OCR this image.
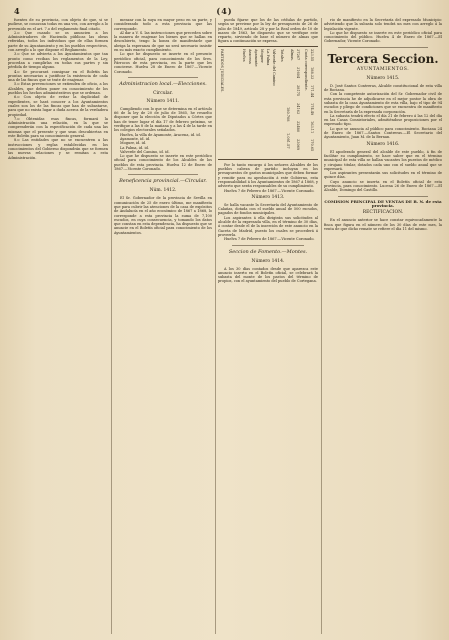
4	(4)

fuentes de su provincia, con objeto de que, si se pudiese, se conozcan todas en una vez, con arreglo a lo prevenido en el art. 7.o del reglamento final citado.

2.o Que cuando se os anuncien a los Administradores de Hacienda públicas las obras referidas, todos los individuos que de ellas formen parte de su Ayuntamiento y en los pueblos respectivos, con arreglo a lo que dispone el Reglamento.

3.o Que se advierta a los Ayuntamientos que tan pronto como reciban los reglamentos de la Ley, procedan a cumplirlas en todas sus partes y sin pérdida de tiempo alguno.

4.o Se procurará consignar en el Boletín las prontas necesarias a justificar la existencia de cada una de las fincas que se trate de enajenar.

5.o Estas prevenciones se extienden de oficio, a los Alcaldes, que deben poner en conocimiento de los pueblos los hechos administrativos que se ordenan.

6.o Con objeto de evitar la duplicidad de expedientes, se hará conocer a los Ayuntamientos cuales son los de las fincas que han de subastarse, para que no exista lugar a duda acerca de la verdadera propiedad.

7.o Obtenidas esas fincas, formará la Administración una relación, en la que se comprenderán con la especificación de cada una las mismas que el presente y que sean descubiertas en este Boletín para su conocimiento general.

8.o Las entidades que no se encuentren a las instrucciones y reglas establecidas en los conocimientos del Gobierno dispondrán que se formen las nuevas relaciones y se remitan a esta Administración.

menzar con la suya en mayor peso en su parte, y considerando todo a esta provincia que las corresponde.

Al dar a V. S. las instrucciones que preceden sobre la manera de enajenar los bienes que se hallan en descubierto, tengo la honra de manifestarle que abriga la esperanza de que no será necesario insistir en su más exacto cumplimiento.

Lo que he dispuesto se inserte en el presente periódico oficial, para conocimiento de los Sres. Párrocos de esta provincia, en la parte que les concierne. Huelva 28 de Enero de 1867.—Vicente Coronado.

Administracion local.—Elecciones.
Circular.
Número 1411.

Cumpliendo con lo que se determina en el artículo 66 de la ley de 20 de julio de 1865, he resuelto disponer que la elección de Diputados a Córtes que han de tener lugar el día 17 de febrero próximo, se verifique a las 8 de la mañana y a las 4 de la tarde en los colegios electorales señalados.

Huelva, la villa de Ayamonte, Aracena, id. id.

Ayamonte, id. id.

Moguer, id. id.

La Palma, id. id.

Valverde del Camino, id. id.

Lo que he dispuesto se inserte en este periódico oficial para conocimiento de los Alcaldes de los pueblos de esta provincia. Huelva 12 de Enero de 1867.—Vicente Coronado.

Beneficencia provincial.—Circular.
Núm. 1412.

El Sr. Gobernador de la provincia de Sevilla en comunicación de 25 de enero último, me manifiesta que para cubrir las atenciones de la casa de expósitos de Andalucía en el año económico de 1867 a 1868, lo corresponde a esta provincia la suma de 7,100 escudos, en cuya consecuencia, y tomando los datos que constan en esta dependencia, ha dispuesto que se anuncie en el Boletín oficial para conocimiento de los Ayuntamientos.

pueda fijarse que los de las cédulas de partido, según se previene por la ley de presupuesto de 26 de julio de 1849, artículo 28 y por la Real orden de 10 de marzo de 1863, he dispuesto que se verifique este reparto, sirviendo de base el número de almas que figura a continuación se expresa.

PARTIDOS JUDICIALES.	Huelva Aracena Ayamonte Moguer La Palma Valverde del Camino Totales Almas. 37267
31604
38175
34163
32480
33069
Cuota correspondiente. 223.55
188.33
171.44
174.49
163.11
170.65
180.708
1.091.57

Por lo tanto encargo á los señores Alcaldes de los pueblos cabeza de partido incluyan en los presupuestos de gastos municipales que deben formar y remitir para su aprobación á este Gobierno, esta responsabilidad á los Ayuntamientos de 1867 á 1868, y advierto que serán responsables de su cumplimiento.

Huelva 7 de Febrero de 1867.—Vicente Coronado.

Número 1413.

Se halla vacante la Secretaría del Ayuntamiento de Calañas, dotada con el sueldo anual de 500 escudos, pagados de fondos municipales.

Los aspirantes á ella dirigirán sus solicitudes al alcalde de la expresada villa, en el término de 30 días, á contar desde el de la inserción de este anuncio en la Gaceta de Madrid, puesto los cuales se procederá á proveerla.

Huelva 7 de Febrero de 1867.—Vicente Coronado.

Seccion de Fomento.—Montes.
Número 1414.

A los 30 días contados desde que aparezca este anuncio inserto en el Boletín oficial, se celebrará la subasta del monte de los pastos del término de propios, con el ayuntamiento del pueblo de Cortegana.

rio de manifiesto en la Secretaría del expresado Municipio: advirtiendo que la subasta solo tendrá un mes con arreglo á la legislación vigente.

Lo que he dispuesto se inserte en este periódico oficial para conocimiento del público. Huelva 4 de Enero de 1867.—El Gobernador, Vicente Coronado.

Tercera Seccion.
AYUNTAMIENTOS.
Número 1415.

D. José Santos Contreras, Alcalde constitucional de esta villa de Rociana.

Con la competente autorización del Sr. Gobernador civil de esta provincia he de adjudicarse en el mejor postor la obra de subasta de la casa Ayuntamiento de esta villa, bajo el tipo de 94 escudos y pliego de condiciones que se encuentra de manifiesto en la Secretaría de la expresada corporación.

La subasta tendrá efecto el día 21 de febrero á las 12 del día en las Casas Consistoriales, admitiéndose proposiciones por el expresado tipo.

Lo que se anuncia al público para conocimiento. Rociana 24 de Enero de 1867.—Santos Contreras.—El Secretario del Ayuntamiento, Juan M. de la Bernan.

Número 1416.

El apoderado general del alcalde de este pueblo, á fin de facilitar su cumplimiento, se hace saber que en el término municipal de esta villa se hallan vacantes los puestos de médico y cirujano titular, dotados cada uno con el sueldo anual que se expresará.

Los aspirantes presentarán sus solicitudes en el término de quince días.

Cuyo anuncio se inserta en el Boletín oficial de esta provincia, para conocimiento. Lucena 26 de Enero de 1867.—El Alcalde, Domingo del Castillo.

COMISION PRINCIPAL DE VENTAS DE B. N. de esta provincia.
RECTIFICACION.

En el anuncio anterior se hace constar equivocadamente la finca que figura en el número de los 30 días de este mes, la venta de que dicho remate se refiere el día 11 del mismo.
